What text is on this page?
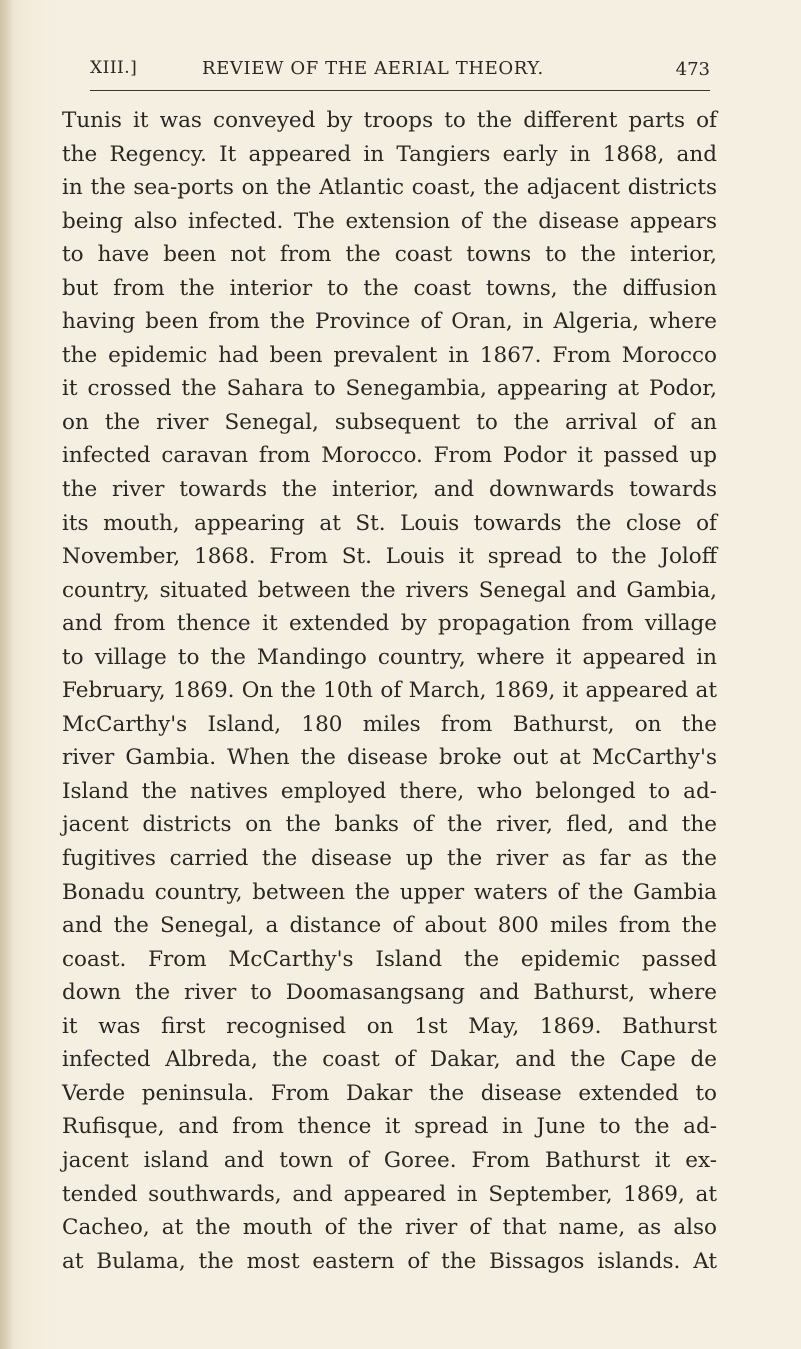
XIII.]	REVIEW OF THE AERIAL THEORY.	473
Tunis it was conveyed by troops to the different parts of
the Regency. It appeared in Tangiers early in 1868, and
in the sea-ports on the Atlantic coast, the adjacent districts
being also infected. The extension of the disease appears
to have been not from the coast towns to the interior,
but from the interior to the coast towns, the diffusion
having been from the Province of Oran, in Algeria, where
the epidemic had been prevalent in 1867. From Morocco
it crossed the Sahara to Senegambia, appearing at Podor,
on the river Senegal, subsequent to the arrival of an
infected caravan from Morocco. From Podor it passed up
the river towards the interior, and downwards towards
its mouth, appearing at St. Louis towards the close of
November, 1868. From St. Louis it spread to the Joloff
country, situated between the rivers Senegal and Gambia,
and from thence it extended by propagation from village
to village to the Mandingo country, where it appeared in
February, 1869. On the 10th of March, 1869, it appeared at
McCarthy's Island, 180 miles from Bathurst, on the
river Gambia. When the disease broke out at McCarthy's
Island the natives employed there, who belonged to ad-
jacent districts on the banks of the river, fled, and the
fugitives carried the disease up the river as far as the
Bonadu country, between the upper waters of the Gambia
and the Senegal, a distance of about 800 miles from the
coast. From McCarthy's Island the epidemic passed
down the river to Doomasangsang and Bathurst, where
it was first recognised on 1st May, 1869. Bathurst
infected Albreda, the coast of Dakar, and the Cape de
Verde peninsula. From Dakar the disease extended to
Rufisque, and from thence it spread in June to the ad-
jacent island and town of Goree. From Bathurst it ex-
tended southwards, and appeared in September, 1869, at
Cacheo, at the mouth of the river of that name, as also
at Bulama, the most eastern of the Bissagos islands. At
